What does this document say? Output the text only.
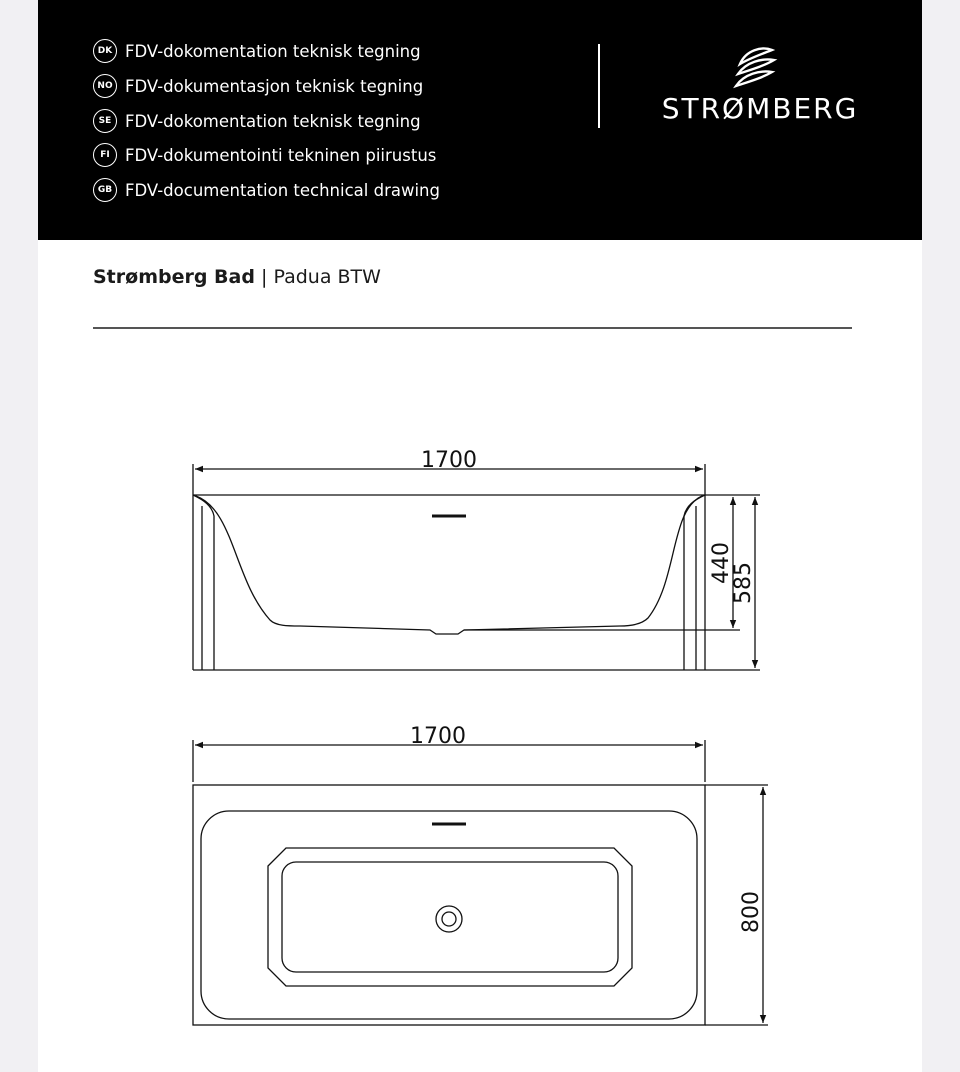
DK FDV-dokomentation teknisk tegning
NO FDV-dokumentasjon teknisk tegning
SE FDV-dokomentation teknisk tegning
FI FDV-dokumentointi tekninen piirustus
GB FDV-documentation technical drawing
STRØMBERG
Strømberg Bad | Padua BTW
1700
440
585
1700
800
